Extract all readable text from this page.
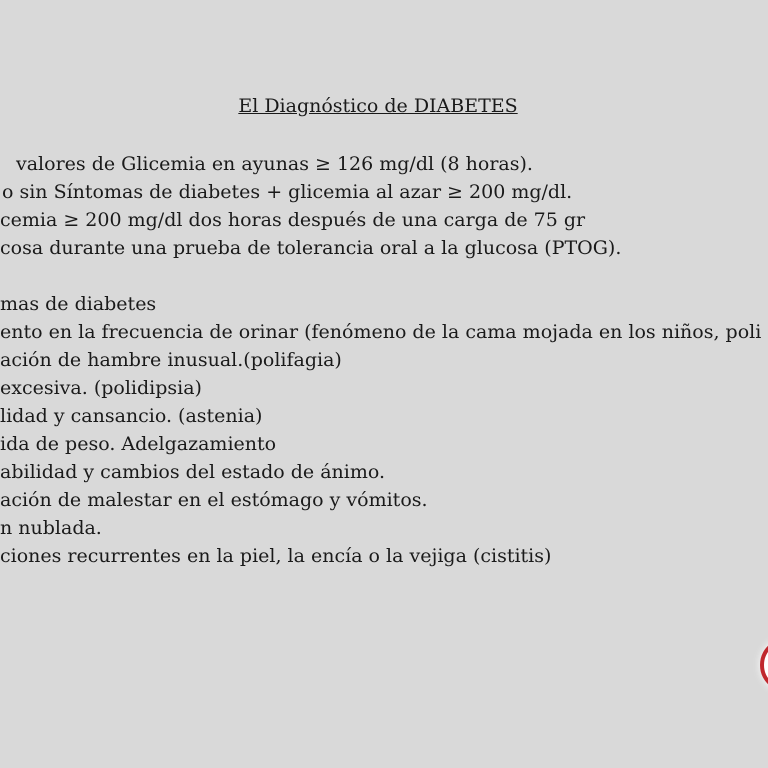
El Diagnóstico de DIABETES
valores de Glicemia en ayunas ≥ 126 mg/dl (8 horas).
o sin Síntomas de diabetes + glicemia al azar ≥ 200 mg/dl.
cemia ≥ 200 mg/dl dos horas después de una carga de 75 gr
cosa durante una prueba de tolerancia oral a la glucosa (PTOG).
mas de diabetes
ento en la frecuencia de orinar (fenómeno de la cama mojada en los niños, poli
ación de hambre inusual.(polifagia)
excesiva. (polidipsia)
lidad y cansancio. (astenia)
ida de peso. Adelgazamiento
abilidad y cambios del estado de ánimo.
ación de malestar en el estómago y vómitos.
n nublada.
ciones recurrentes en la piel, la encía o la vejiga (cistitis)
